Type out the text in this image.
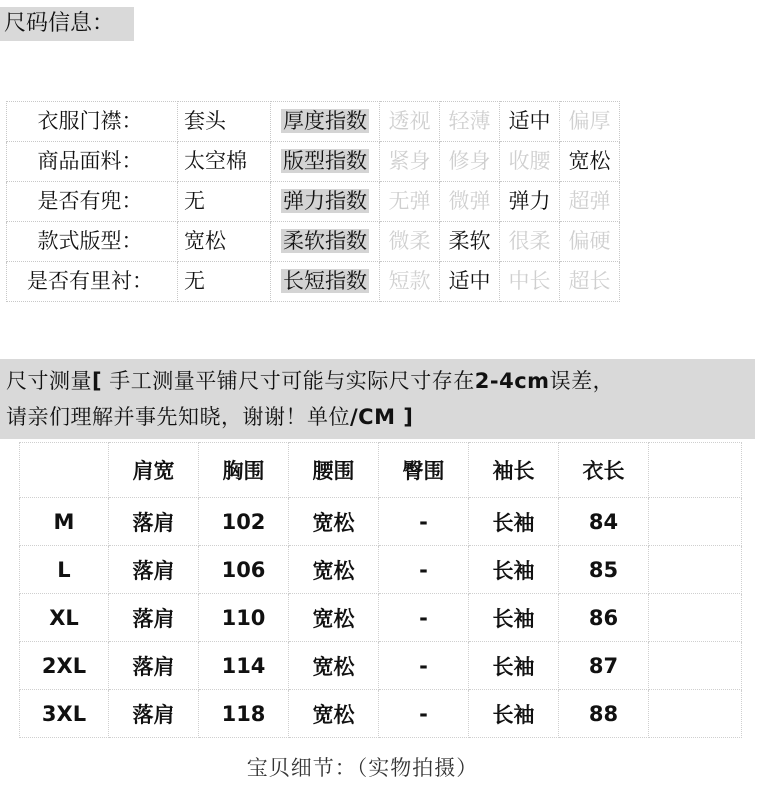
尺码信息：
衣服门襟：	套头	厚度指数	透视	轻薄	适中	偏厚
商品面料：	太空棉	版型指数	紧身	修身	收腰	宽松
是否有兜：	无	弹力指数	无弹	微弹	弹力	超弹
款式版型：	宽松	柔软指数	微柔	柔软	很柔	偏硬
是否有里衬：	无	长短指数	短款	适中	中长	超长
尺寸测量[ 手工测量平铺尺寸可能与实际尺寸存在2-4cm误差，
请亲们理解并事先知晓，谢谢！单位/CM ]
	肩宽	胸围	腰围	臀围	袖长	衣长	
M	落肩	102	宽松	-	长袖	84	
L	落肩	106	宽松	-	长袖	85	
XL	落肩	110	宽松	-	长袖	86	
2XL	落肩	114	宽松	-	长袖	87	
3XL	落肩	118	宽松	-	长袖	88	
宝贝细节：（实物拍摄）
